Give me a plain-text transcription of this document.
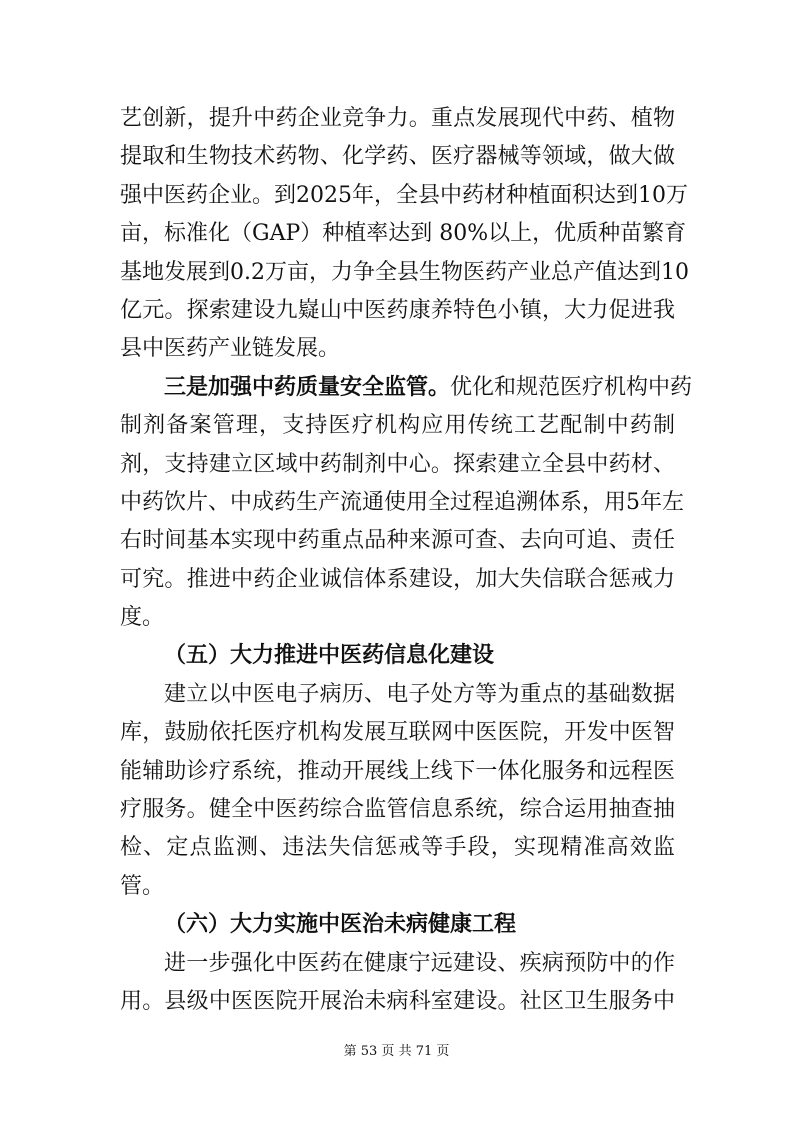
艺创新，提升中药企业竞争力。重点发展现代中药、植物
提取和生物技术药物、化学药、医疗器械等领域，做大做
强中医药企业。到2025年，全县中药材种植面积达到10万
亩，标准化（GAP）种植率达到 80%以上，优质种苗繁育
基地发展到0.2万亩，力争全县生物医药产业总产值达到10
亿元。探索建设九嶷山中医药康养特色小镇，大力促进我
县中医药产业链发展。
三是加强中药质量安全监管。优化和规范医疗机构中药
制剂备案管理，支持医疗机构应用传统工艺配制中药制
剂，支持建立区域中药制剂中心。探索建立全县中药材、
中药饮片、中成药生产流通使用全过程追溯体系，用5年左
右时间基本实现中药重点品种来源可查、去向可追、责任
可究。推进中药企业诚信体系建设，加大失信联合惩戒力
度。
（五）大力推进中医药信息化建设
建立以中医电子病历、电子处方等为重点的基础数据
库，鼓励依托医疗机构发展互联网中医医院，开发中医智
能辅助诊疗系统，推动开展线上线下一体化服务和远程医
疗服务。健全中医药综合监管信息系统，综合运用抽查抽
检、定点监测、违法失信惩戒等手段，实现精准高效监
管。
（六）大力实施中医治未病健康工程
进一步强化中医药在健康宁远建设、疾病预防中的作
用。县级中医医院开展治未病科室建设。社区卫生服务中
第 53 页 共 71 页
